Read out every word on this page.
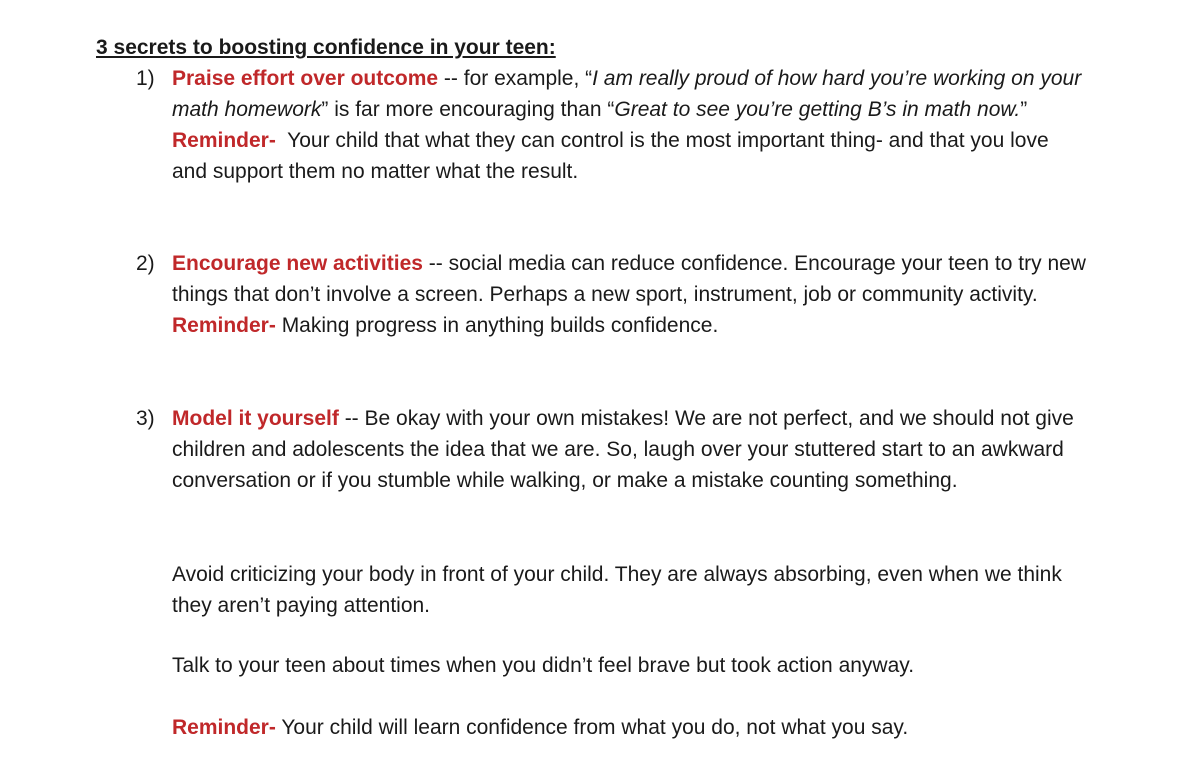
3 secrets to boosting confidence in your teen:
1) Praise effort over outcome -- for example, “I am really proud of how hard you’re working on your math homework” is far more encouraging than “Great to see you’re getting B’s in math now.”
Reminder-  Your child that what they can control is the most important thing- and that you love and support them no matter what the result.
2) Encourage new activities -- social media can reduce confidence. Encourage your teen to try new things that don’t involve a screen. Perhaps a new sport, instrument, job or community activity.
Reminder- Making progress in anything builds confidence.
3) Model it yourself -- Be okay with your own mistakes! We are not perfect, and we should not give children and adolescents the idea that we are. So, laugh over your stuttered start to an awkward conversation or if you stumble while walking, or make a mistake counting something.
Avoid criticizing your body in front of your child. They are always absorbing, even when we think they aren’t paying attention.
Talk to your teen about times when you didn’t feel brave but took action anyway.
Reminder- Your child will learn confidence from what you do, not what you say.
